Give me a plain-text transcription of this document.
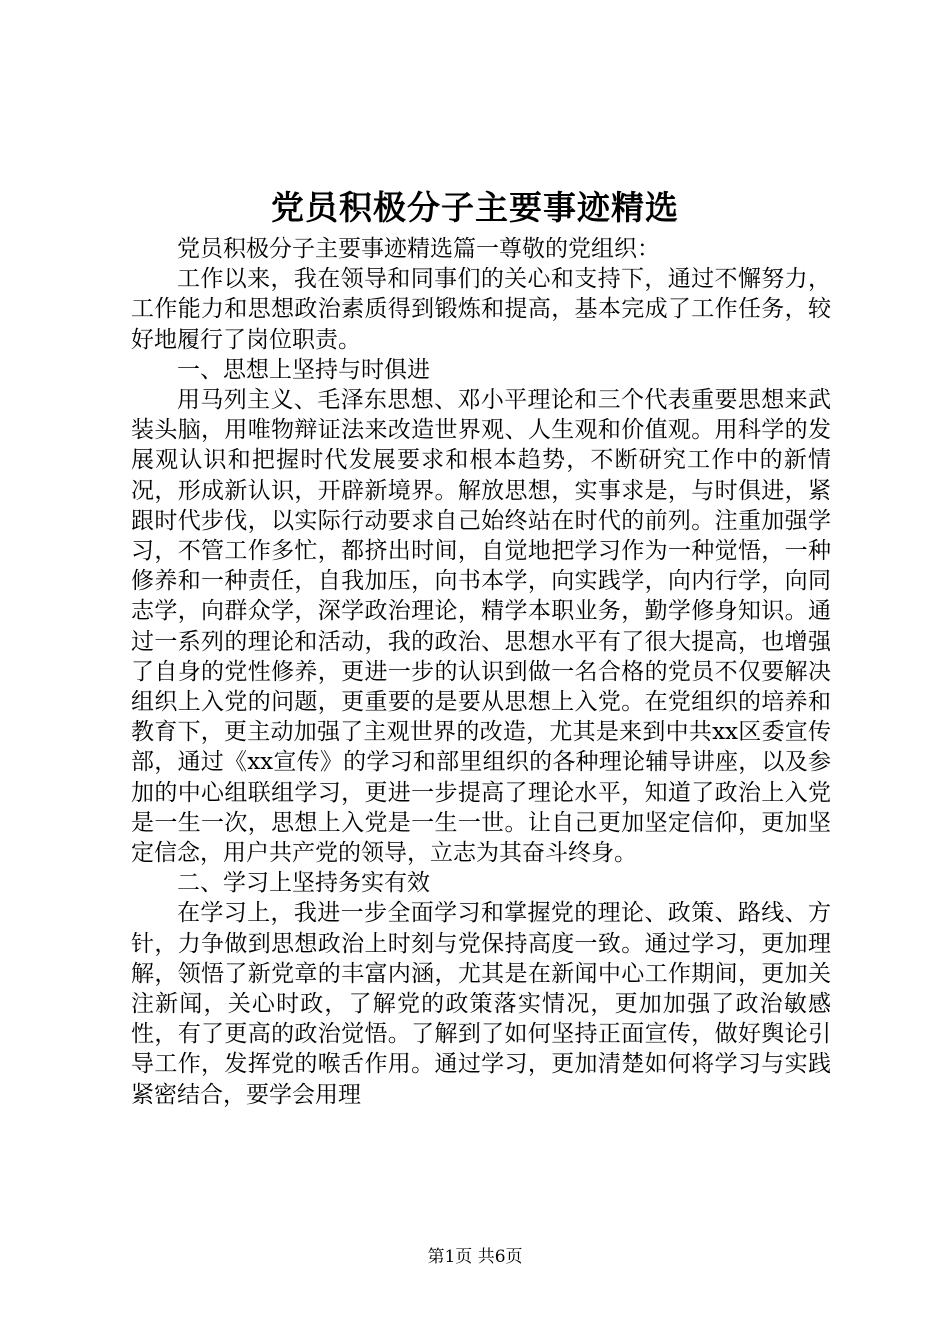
党员积极分子主要事迹精选

党员积极分子主要事迹精选篇一尊敬的党组织：

工作以来，我在领导和同事们的关心和支持下，通过不懈努力，工作能力和思想政治素质得到锻炼和提高，基本完成了工作任务，较好地履行了岗位职责。

一、思想上坚持与时俱进

用马列主义、毛泽东思想、邓小平理论和三个代表重要思想来武装头脑，用唯物辩证法来改造世界观、人生观和价值观。用科学的发展观认识和把握时代发展要求和根本趋势，不断研究工作中的新情况，形成新认识，开辟新境界。解放思想，实事求是，与时俱进，紧跟时代步伐，以实际行动要求自己始终站在时代的前列。注重加强学习，不管工作多忙，都挤出时间，自觉地把学习作为一种觉悟，一种修养和一种责任，自我加压，向书本学，向实践学，向内行学，向同志学，向群众学，深学政治理论，精学本职业务，勤学修身知识。通过一系列的理论和活动，我的政治、思想水平有了很大提高，也增强了自身的党性修养，更进一步的认识到做一名合格的党员不仅要解决组织上入党的问题，更重要的是要从思想上入党。在党组织的培养和教育下，更主动加强了主观世界的改造，尤其是来到中共xx区委宣传部，通过《xx宣传》的学习和部里组织的各种理论辅导讲座，以及参加的中心组联组学习，更进一步提高了理论水平，知道了政治上入党是一生一次，思想上入党是一生一世。让自己更加坚定信仰，更加坚定信念，用户共产党的领导，立志为其奋斗终身。

二、学习上坚持务实有效

在学习上，我进一步全面学习和掌握党的理论、政策、路线、方针，力争做到思想政治上时刻与党保持高度一致。通过学习，更加理解，领悟了新党章的丰富内涵，尤其是在新闻中心工作期间，更加关注新闻，关心时政，了解党的政策落实情况，更加加强了政治敏感性，有了更高的政治觉悟。了解到了如何坚持正面宣传，做好舆论引导工作，发挥党的喉舌作用。通过学习，更加清楚如何将学习与实践紧密结合，要学会用理

第1页 共6页
